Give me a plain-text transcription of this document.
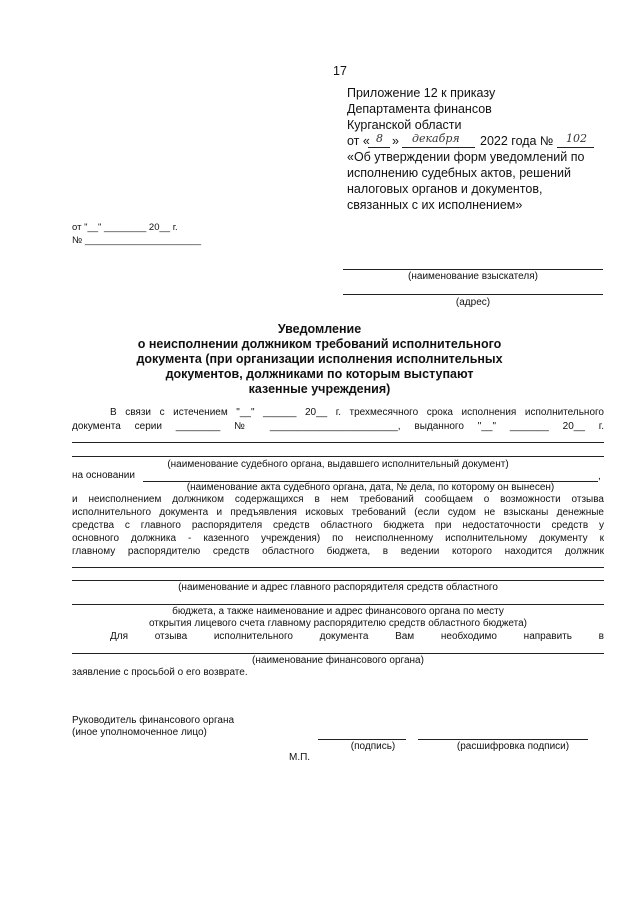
17
Приложение 12 к приказу
Департамента финансов
Курганской области
от « 8 » декабря 2022 года № 102
«Об утверждении форм уведомлений по
исполнению судебных актов, решений
налоговых органов и документов,
связанных с их исполнением»
от "__" ________ 20__ г.
№ ______________________
(наименование взыскателя)
(адрес)
Уведомление
о неисполнении должником требований исполнительного
документа (при организации исполнения исполнительных
документов, должниками по которым выступают
казенные учреждения)
В связи с истечением "__" ______ 20__ г. трехмесячного срока исполнения исполнительного
документа серии ________ № _______________________, выданного "__" _______ 20__ г.
(наименование судебного органа, выдавшего исполнительный документ)
на основании	,
(наименование акта судебного органа, дата, № дела, по которому он вынесен)
и неисполнением должником содержащихся в нем требований сообщаем о возможности отзыва
исполнительного документа и предъявления исковых требований (если судом не взысканы денежные
средства с главного распорядителя средств областного бюджета при недостаточности средств у
основного должника - казенного учреждения) по неисполненному исполнительному документу к
главному распорядителю средств областного бюджета, в ведении которого находится должник
(наименование и адрес главного распорядителя средств областного
бюджета, а также наименование и адрес финансового органа по месту
открытия лицевого счета главному распорядителю средств областного бюджета)
Для отзыва исполнительного документа Вам необходимо направить в
(наименование финансового органа)
заявление с просьбой о его возврате.
Руководитель финансового органа
(иное уполномоченное лицо)
(подпись)	(расшифровка подписи)
М.П.
